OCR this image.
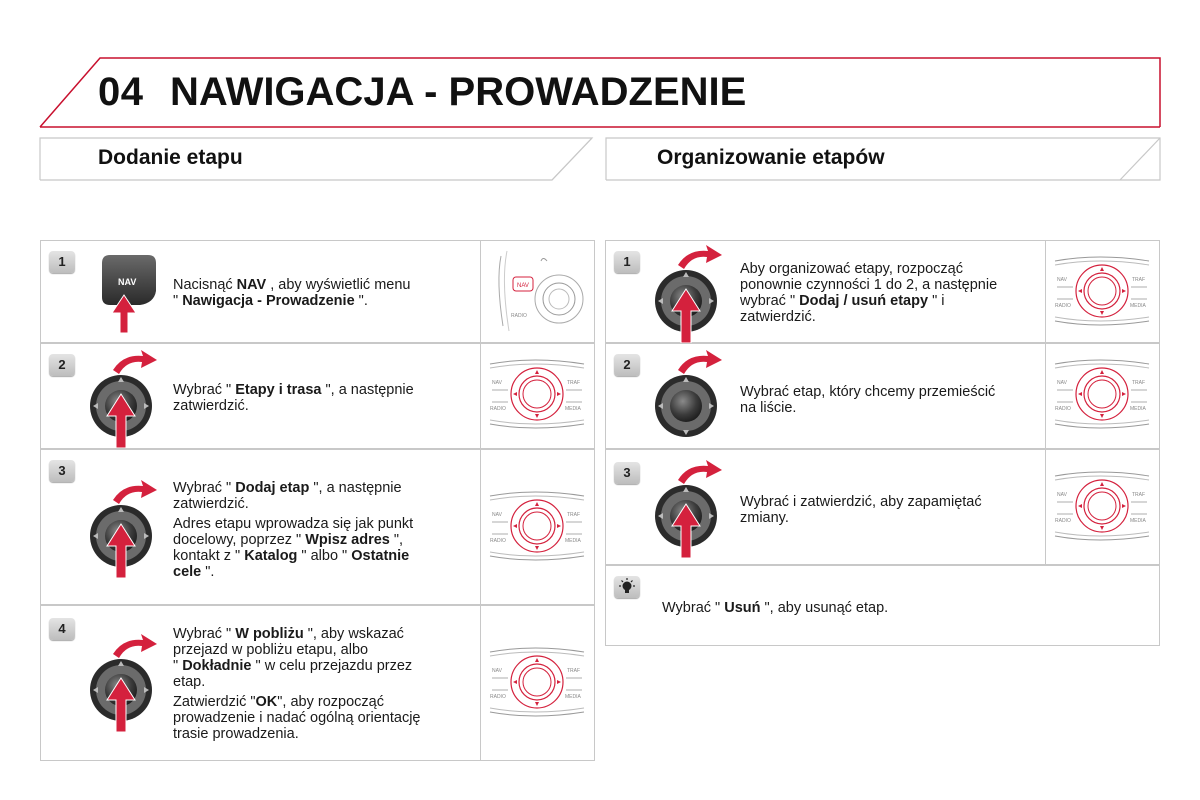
04 NAWIGACJA - PROWADZENIE
Dodanie etapu	Organizowanie etapów
1
NAV	Nacisnąć NAV , aby wyświetlić menu
" Nawigacja - Prowadzenie ".
NAV
RADIO
2
Wybrać " Etapy i trasa ", a następnie
zatwierdzić.
NAV	TRAF
RADIO	MEDIA
3

Wybrać " Dodaj etap ", a następnie
zatwierdzić.

Adres etapu wprowadza się jak punkt
docelowy, poprzez " Wpisz adres ",
kontakt z " Katalog " albo " Ostatnie
cele ".

NAV	TRAF
RADIO	MEDIA
4	Wybrać " W pobliżu ", aby wskazać
przejazd w pobliżu etapu, albo
" Dokładnie " w celu przejazdu przez
etap.

Zatwierdzić "OK", aby rozpocząć
prowadzenie i nadać ogólną orientację
trasie prowadzenia.

NAV	TRAF
RADIO	MEDIA
1	Aby organizować etapy, rozpocząć
ponownie czynności 1 do 2, a następnie
wybrać " Dodaj / usuń etapy " i
zatwierdzić.
NAV	TRAF
RADIO	MEDIA
2
Wybrać etap, który chcemy przemieścić
na liście.
NAV	TRAF
RADIO	MEDIA
3
Wybrać i zatwierdzić, aby zapamiętać
zmiany.
NAV	TRAF
RADIO	MEDIA
Wybrać " Usuń ", aby usunąć etap.
